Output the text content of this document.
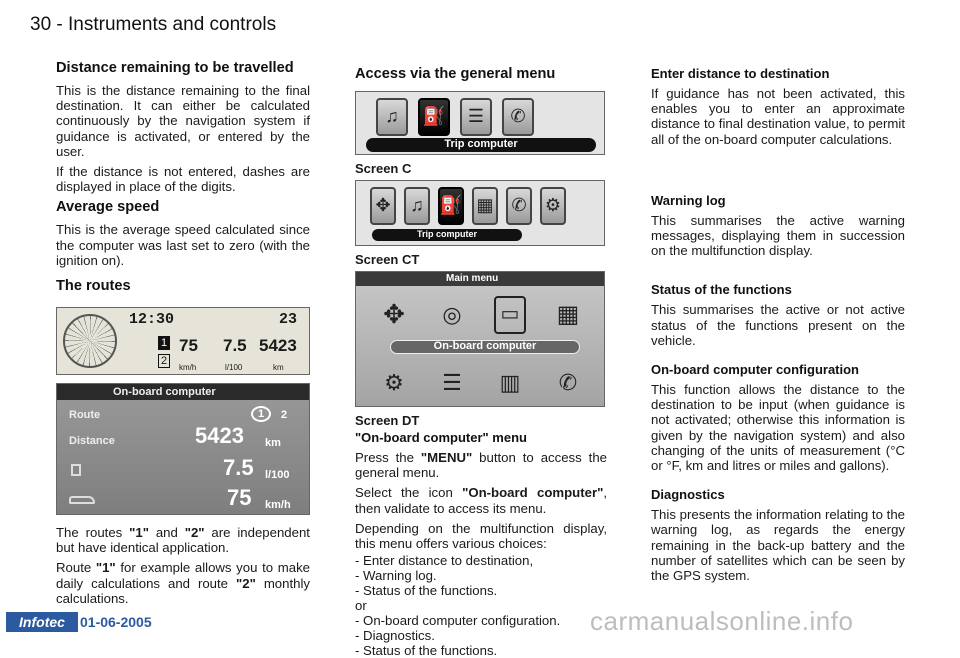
30 - Instruments and controls
Distance remaining to be travelled

This is the distance remaining to the final destination. It can either be calculated continuously by the navigation system if guidance is activated, or entered by the user.

If the distance is not entered, dashes are displayed in place of the digits.

Average speed

This is the average speed calculated since the computer was last set to zero (with the ignition on).

The routes
12:30	23
1
2
75 7.5 5423
km/h	l/100	km
On-board computer
Route	1	2
Distance	5423 km
7.5 l/100
75 km/h

The routes "1" and "2" are independent but have identical application.

Route "1" for example allows you to make daily calculations and route "2" monthly calculations.

Access via the general menu
♫	⛽	☰	✆
Trip computer
Screen C
✥	♫ ⛽ ▦ ✆	⚙
Trip computer
Screen CT
Main menu
✥ ◎	▭ ▦
On-board computer
⚙ ☰ ▥	✆
Screen DT
"On-board computer" menu

Press the "MENU" button to access the general menu.

Select the icon "On-board computer", then validate to access its menu.

Depending on the multifunction display, this menu offers various choices:

- Enter distance to destination,
- Warning log.
- Status of the functions.
or
- On-board computer configuration.
- Diagnostics.
- Status of the functions.
Enter distance to destination

If guidance has not been activated, this enables you to enter an approximate distance to final destination value, to permit all of the on-board computer calculations.

Warning log

This summarises the active warning messages, displaying them in succession on the multifunction display.

Status of the functions

This summarises the active or not active status of the functions present on the vehicle.

On-board computer configuration

This function allows the distance to the destination to be input (when guidance is not activated; otherwise this information is given by the navigation system) and also changing of the units of measurement (°C or °F, km and litres or miles and gallons).

Diagnostics

This presents the information relating to the warning log, as regards the energy remaining in the back-up battery and the number of satellites which can be seen by the GPS system.

Infotec	01-06-2005	carmanualsonline.info
